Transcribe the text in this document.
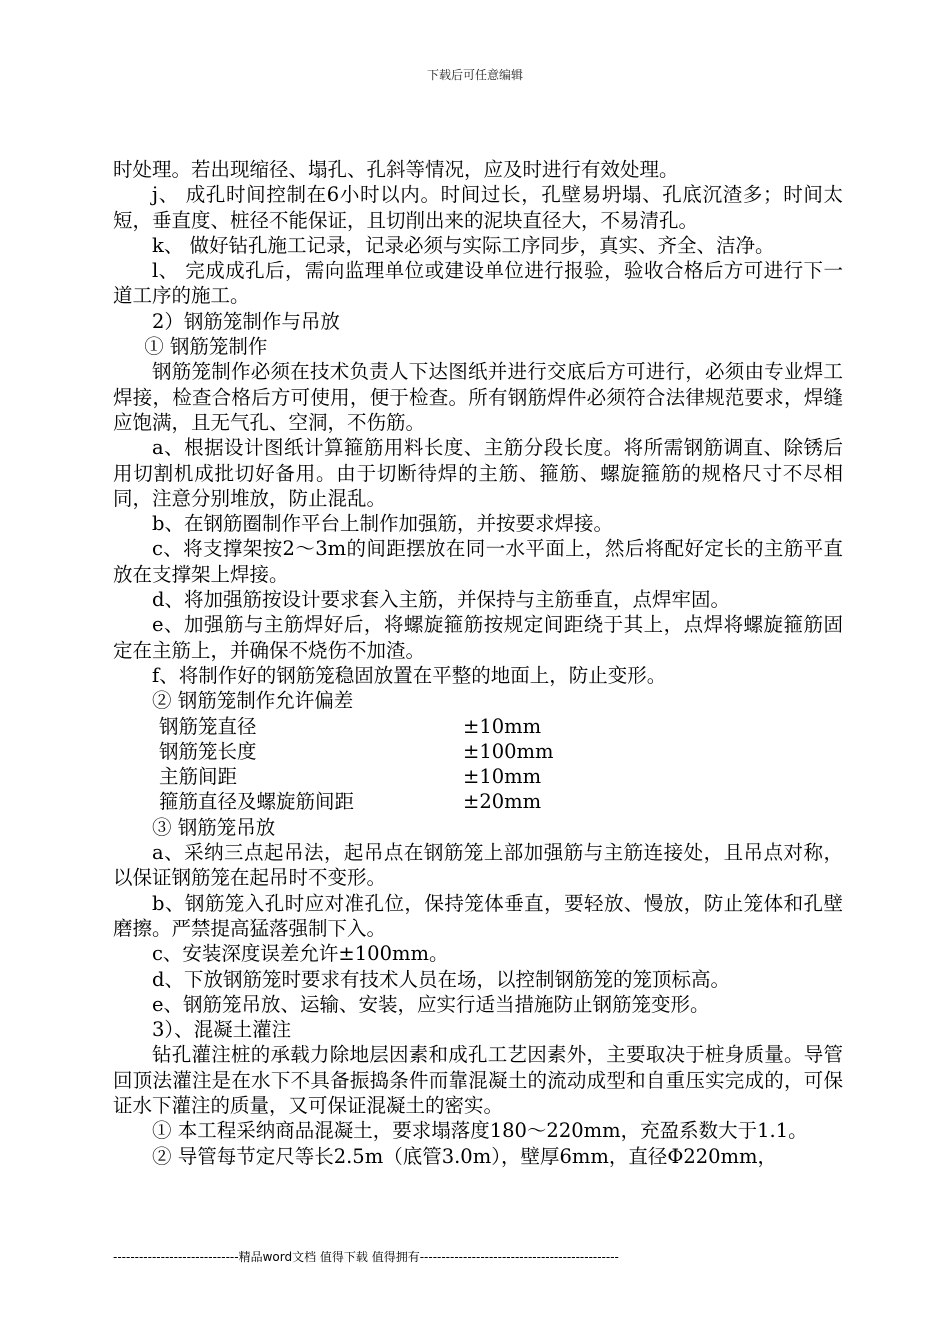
下载后可任意编辑

时处理。若出现缩径、塌孔、孔斜等情况，应及时进行有效处理。

j、 成孔时间控制在6小时以内。时间过长，孔壁易坍塌、孔底沉渣多；时间太短，垂直度、桩径不能保证，且切削出来的泥块直径大，不易清孔。

k、 做好钻孔施工记录，记录必须与实际工序同步，真实、齐全、洁净。

l、 完成成孔后，需向监理单位或建设单位进行报验，验收合格后方可进行下一道工序的施工。

2）钢筋笼制作与吊放

① 钢筋笼制作

钢筋笼制作必须在技术负责人下达图纸并进行交底后方可进行，必须由专业焊工焊接，检查合格后方可使用，便于检查。所有钢筋焊件必须符合法律规范要求，焊缝应饱满，且无气孔、空洞，不伤筋。

a、根据设计图纸计算箍筋用料长度、主筋分段长度。将所需钢筋调直、除锈后用切割机成批切好备用。由于切断待焊的主筋、箍筋、螺旋箍筋的规格尺寸不尽相同，注意分别堆放，防止混乱。

b、在钢筋圈制作平台上制作加强筋，并按要求焊接。

c、将支撑架按2～3m的间距摆放在同一水平面上，然后将配好定长的主筋平直放在支撑架上焊接。

d、将加强筋按设计要求套入主筋，并保持与主筋垂直，点焊牢固。

e、加强筋与主筋焊好后，将螺旋箍筋按规定间距绕于其上，点焊将螺旋箍筋固定在主筋上，并确保不烧伤不加渣。

f、将制作好的钢筋笼稳固放置在平整的地面上，防止变形。

② 钢筋笼制作允许偏差

钢筋笼直径	±10mm
钢筋笼长度	±100mm
主筋间距	±10mm
箍筋直径及螺旋筋间距	±20mm

③ 钢筋笼吊放

a、采纳三点起吊法，起吊点在钢筋笼上部加强筋与主筋连接处，且吊点对称，以保证钢筋笼在起吊时不变形。

b、钢筋笼入孔时应对准孔位，保持笼体垂直，要轻放、慢放，防止笼体和孔壁磨擦。严禁提高猛落强制下入。

c、安装深度误差允许±100mm。

d、下放钢筋笼时要求有技术人员在场，以控制钢筋笼的笼顶标高。

e、钢筋笼吊放、运输、安装，应实行适当措施防止钢筋笼变形。

3）、混凝土灌注

钻孔灌注桩的承载力除地层因素和成孔工艺因素外，主要取决于桩身质量。导管回顶法灌注是在水下不具备振捣条件而靠混凝土的流动成型和自重压实完成的，可保证水下灌注的质量，又可保证混凝土的密实。

① 本工程采纳商品混凝土，要求塌落度180～220mm，充盈系数大于1.1。

② 导管每节定尺等长2.5m（底管3.0m），壁厚6mm，直径Φ220mm，

-----------------------------精品word文档 值得下载 值得拥有----------------------------------------------
